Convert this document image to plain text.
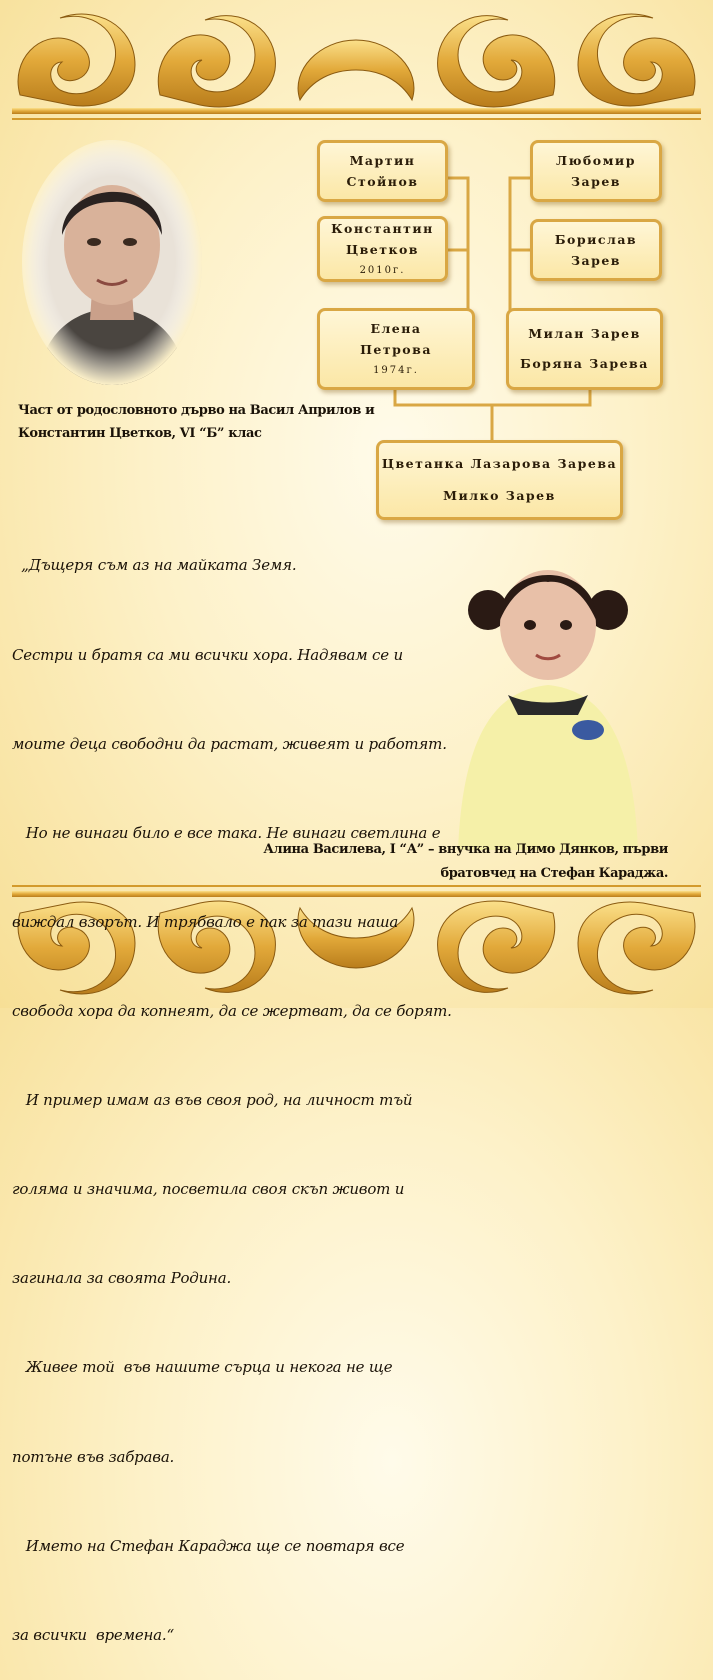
Мартин
Стойнов
Константин
Цветков
2010г.
Елена
Петрова
1974г.
Любомир
Зарев
Борислав
Зарев
Милан Зарев
Боряна Зарева
Цветанка Лазарова Зарева
Милко Зарев
Част от родословното дърво на Васил Априлов и
Константин Цветков, VI “Б” клас

„Дъщеря съм аз на майката Земя.

Сестри и братя са ми всички хора. Надявам се и

моите деца свободни да растат, живеят и работят.

Но не винаги било е все така. Не винаги светлина е

виждал взорът. И трябвало е пак за тази наша

свобода хора да копнеят, да се жертват, да се борят.

И пример имам аз във своя род, на личност тъй

голяма и значима, посветила своя скъп живот и

загинала за своята Родина.

Живее той  във нашите сърца и некога не ще

потъне във забрава.

Името на Стефан Караджа ще се повтаря все

за всички  времена.“

Алина Василева, I “А” – внучка на Димо Дянков, първи
братовчед на Стефан Караджа.
